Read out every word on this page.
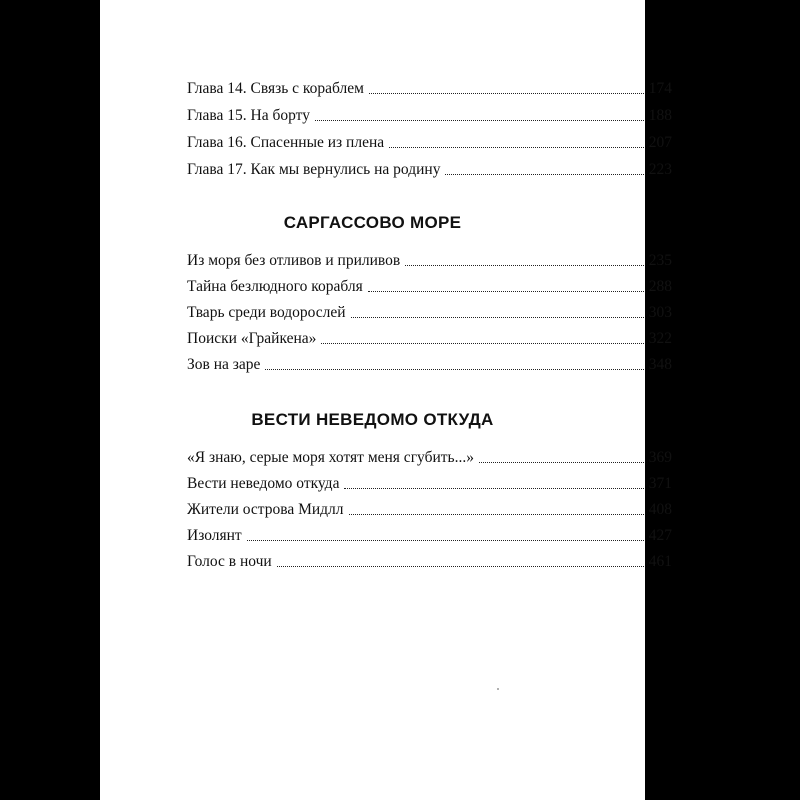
Глава 14. Связь с кораблем	174
Глава 15. На борту	188
Глава 16. Спасенные из плена	207
Глава 17. Как мы вернулись на родину	223
САРГАССОВО МОРЕ
Из моря без отливов и приливов	235
Тайна безлюдного корабля	288
Тварь среди водорослей	303
Поиски «Грайкена»	322
Зов на заре	348
ВЕСТИ НЕВЕДОМО ОТКУДА
«Я знаю, серые моря хотят меня сгубить...»	369
Вести неведомо откуда	371
Жители острова Мидлл	408
Изолянт	427
Голос в ночи	461
